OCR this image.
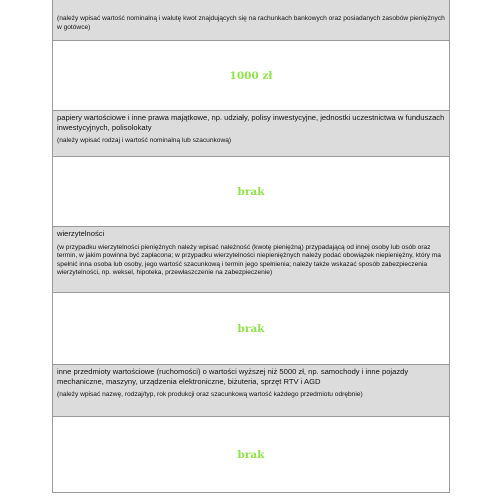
(należy wpisać wartość nominalną i walutę kwot znajdujących się na rachunkach bankowych oraz posiadanych zasobów pieniężnych w gotówce)
1000 zł
papiery wartościowe i inne prawa majątkowe, np. udziały, polisy inwestycyjne, jednostki uczestnictwa w funduszach inwestycyjnych, polisolokaty
(należy wpisać rodzaj i wartość nominalną lub szacunkową)
brak
wierzytelności
(w przypadku wierzytelności pieniężnych należy wpisać należność (kwotę pieniężną) przypadającą od innej osoby lub osób oraz termin, w jakim powinna być zapłacona; w przypadku wierzytelności niepieniężnych należy podać obowiązek niepieniężny, który ma spełnić inna osoba lub osoby, jego wartość szacunkową i termin jego spełnienia; należy także wskazać sposób zabezpieczenia wierzytelności, np. weksel, hipoteka, przewłaszczenie na zabezpieczenie)
brak
inne przedmioty wartościowe (ruchomości) o wartości wyższej niż 5000 zł, np. samochody i inne pojazdy mechaniczne, maszyny, urządzenia elektroniczne, biżuteria, sprzęt RTV i AGD
(należy wpisać nazwę, rodzaj/typ, rok produkcji oraz szacunkową wartość każdego przedmiotu odrębnie)
brak
